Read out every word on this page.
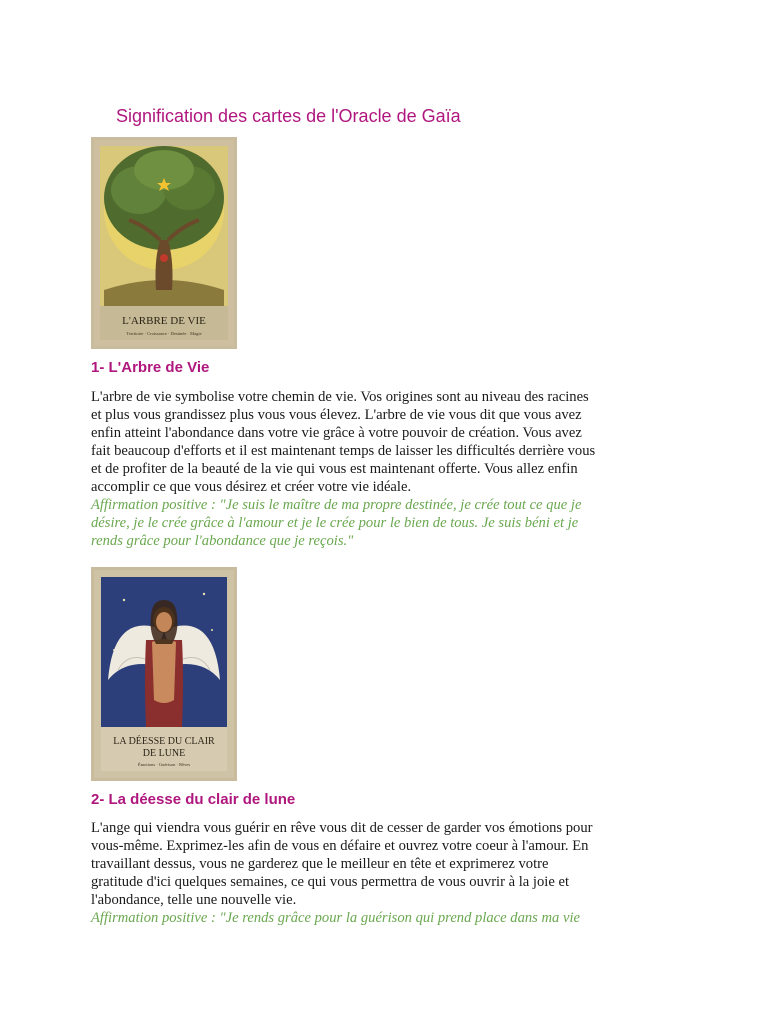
Signification des cartes de l'Oracle de Gaïa
L'ARBRE DE VIE
Territoire · Croissance · Destinée · Magie
1- L'Arbre de Vie

L'arbre de vie symbolise votre chemin de vie. Vos origines sont au niveau des racines
et plus vous grandissez plus vous vous élevez. L'arbre de vie vous dit que vous avez
enfin atteint l'abondance dans votre vie grâce à votre pouvoir de création. Vous avez
fait beaucoup d'efforts et il est maintenant temps de laisser les difficultés derrière vous
et de profiter de la beauté de la vie qui vous est maintenant offerte. Vous allez enfin
accomplir ce que vous désirez et créer votre vie idéale.

Affirmation positive : "Je suis le maître de ma propre destinée, je crée tout ce que je
désire, je le crée grâce à l'amour et je le crée pour le bien de tous. Je suis béni et je
rends grâce pour l'abondance que je reçois."

LA DÉESSE DU CLAIR
DE LUNE
Émotions · Guérison · Rêves
2- La déesse du clair de lune

L'ange qui viendra vous guérir en rêve vous dit de cesser de garder vos émotions pour
vous-même. Exprimez-les afin de vous en défaire et ouvrez votre coeur à l'amour. En
travaillant dessus, vous ne garderez que le meilleur en tête et exprimerez votre
gratitude d'ici quelques semaines, ce qui vous permettra de vous ouvrir à la joie et
l'abondance, telle une nouvelle vie.

Affirmation positive : "Je rends grâce pour la guérison qui prend place dans ma vie
